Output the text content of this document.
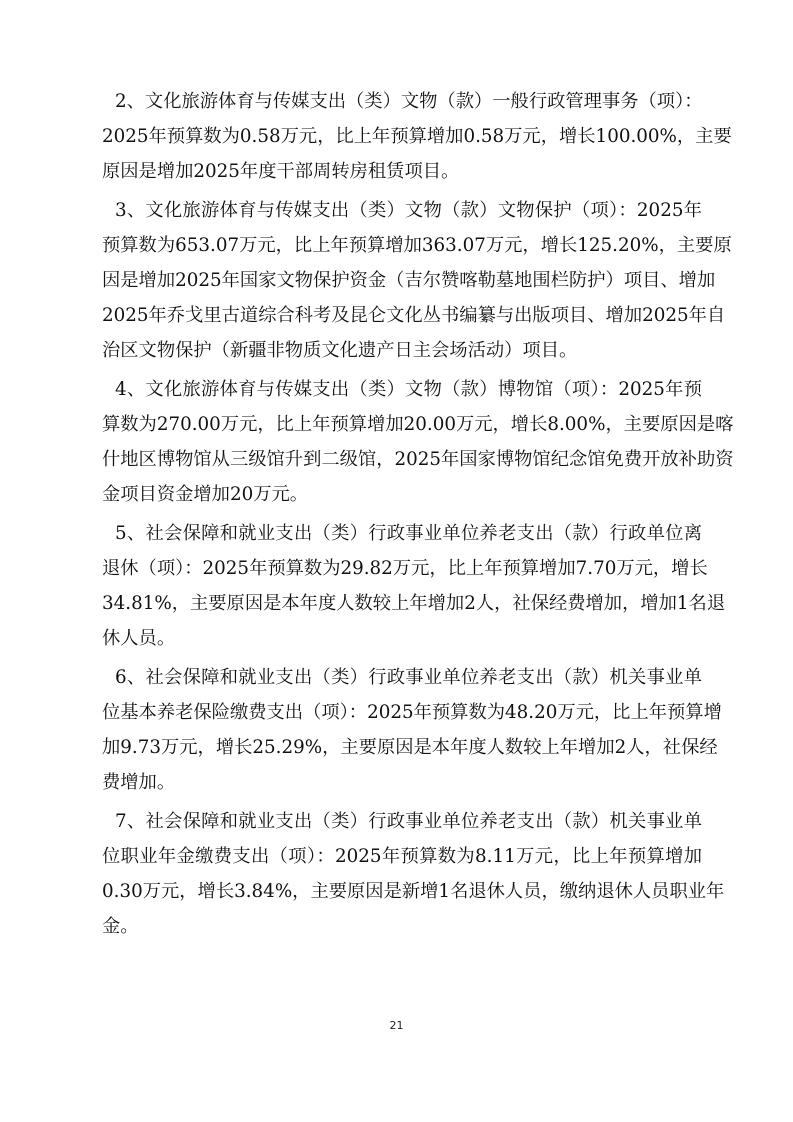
2、文化旅游体育与传媒支出（类）文物（款）一般行政管理事务（项）：
2025年预算数为0.58万元，比上年预算增加0.58万元，增长100.00%，主要
原因是增加2025年度干部周转房租赁项目。
3、文化旅游体育与传媒支出（类）文物（款）文物保护（项）：2025年
预算数为653.07万元，比上年预算增加363.07万元，增长125.20%，主要原
因是增加2025年国家文物保护资金（吉尔赞喀勒墓地围栏防护）项目、增加
2025年乔戈里古道综合科考及昆仑文化丛书编纂与出版项目、增加2025年自
治区文物保护（新疆非物质文化遗产日主会场活动）项目。
4、文化旅游体育与传媒支出（类）文物（款）博物馆（项）：2025年预
算数为270.00万元，比上年预算增加20.00万元，增长8.00%，主要原因是喀
什地区博物馆从三级馆升到二级馆，2025年国家博物馆纪念馆免费开放补助资
金项目资金增加20万元。
5、社会保障和就业支出（类）行政事业单位养老支出（款）行政单位离
退休（项）：2025年预算数为29.82万元，比上年预算增加7.70万元，增长
34.81%，主要原因是本年度人数较上年增加2人，社保经费增加，增加1名退
休人员。
6、社会保障和就业支出（类）行政事业单位养老支出（款）机关事业单
位基本养老保险缴费支出（项）：2025年预算数为48.20万元，比上年预算增
加9.73万元，增长25.29%，主要原因是本年度人数较上年增加2人，社保经
费增加。
7、社会保障和就业支出（类）行政事业单位养老支出（款）机关事业单
位职业年金缴费支出（项）：2025年预算数为8.11万元，比上年预算增加
0.30万元，增长3.84%，主要原因是新增1名退休人员，缴纳退休人员职业年
金。
21
